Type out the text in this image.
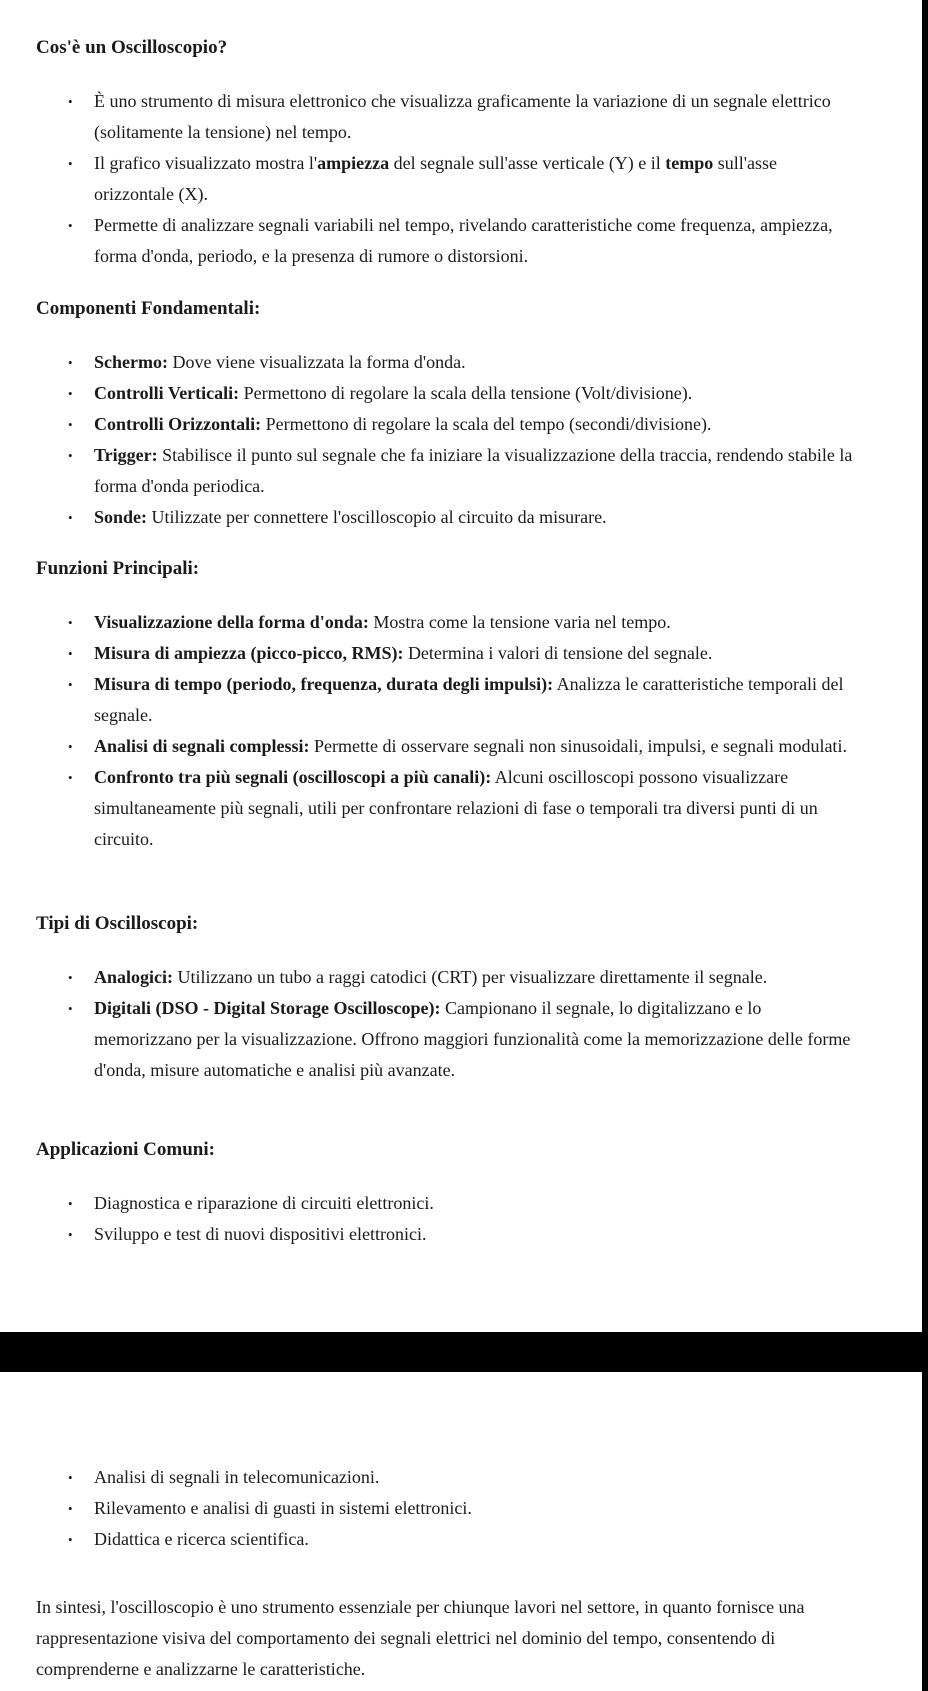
Cos'è un Oscilloscopio?
• È uno strumento di misura elettronico che visualizza graficamente la variazione di un segnale elettrico (solitamente la tensione) nel tempo.
• Il grafico visualizzato mostra l'ampiezza del segnale sull'asse verticale (Y) e il tempo sull'asse orizzontale (X).
• Permette di analizzare segnali variabili nel tempo, rivelando caratteristiche come frequenza, ampiezza, forma d'onda, periodo, e la presenza di rumore o distorsioni.
Componenti Fondamentali:
• Schermo: Dove viene visualizzata la forma d'onda.
• Controlli Verticali: Permettono di regolare la scala della tensione (Volt/divisione).
• Controlli Orizzontali: Permettono di regolare la scala del tempo (secondi/divisione).
• Trigger: Stabilisce il punto sul segnale che fa iniziare la visualizzazione della traccia, rendendo stabile la forma d'onda periodica.
• Sonde: Utilizzate per connettere l'oscilloscopio al circuito da misurare.
Funzioni Principali:
• Visualizzazione della forma d'onda: Mostra come la tensione varia nel tempo.
• Misura di ampiezza (picco-picco, RMS): Determina i valori di tensione del segnale.
• Misura di tempo (periodo, frequenza, durata degli impulsi): Analizza le caratteristiche temporali del segnale.
• Analisi di segnali complessi: Permette di osservare segnali non sinusoidali, impulsi, e segnali modulati.
• Confronto tra più segnali (oscilloscopi a più canali): Alcuni oscilloscopi possono visualizzare simultaneamente più segnali, utili per confrontare relazioni di fase o temporali tra diversi punti di un circuito.
Tipi di Oscilloscopi:
• Analogici: Utilizzano un tubo a raggi catodici (CRT) per visualizzare direttamente il segnale.
• Digitali (DSO - Digital Storage Oscilloscope): Campionano il segnale, lo digitalizzano e lo memorizzano per la visualizzazione. Offrono maggiori funzionalità come la memorizzazione delle forme d'onda, misure automatiche e analisi più avanzate.
Applicazioni Comuni:
• Diagnostica e riparazione di circuiti elettronici.
• Sviluppo e test di nuovi dispositivi elettronici.
• Analisi di segnali in telecomunicazioni.
• Rilevamento e analisi di guasti in sistemi elettronici.
• Didattica e ricerca scientifica.

In sintesi, l'oscilloscopio è uno strumento essenziale per chiunque lavori nel settore, in quanto fornisce una rappresentazione visiva del comportamento dei segnali elettrici nel dominio del tempo, consentendo di comprenderne e analizzarne le caratteristiche.
